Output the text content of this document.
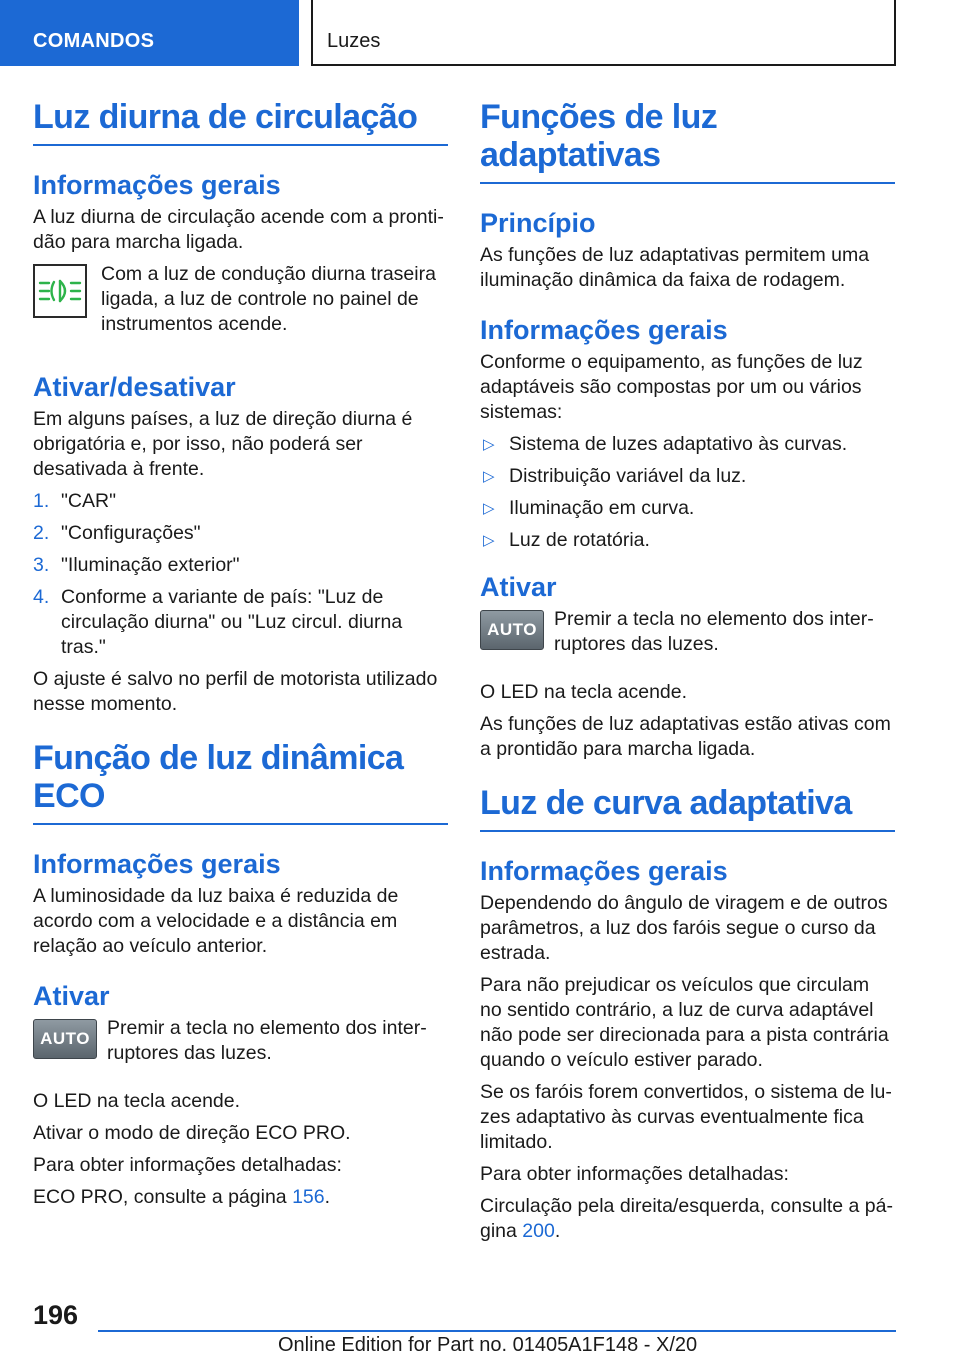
COMANDOS	Luzes
Luz diurna de circulação
Informações gerais

A luz diurna de circulação acende com a prontidão para marcha ligada.

Com a luz de condução diurna traseira ligada, a luz de controle no painel de instrumentos acende.

Ativar/desativar

Em alguns países, a luz de direção diurna é obrigatória e, por isso, não poderá ser desativada à frente.

1. "CAR"
2. "Configurações"
3. "Iluminação exterior"
4. Conforme a variante de país: "Luz de circulação diurna" ou "Luz circul. diurna tras."

O ajuste é salvo no perfil de motorista utilizado nesse momento.

Função de luz dinâmica ECO
Informações gerais

A luminosidade da luz baixa é reduzida de acordo com a velocidade e a distância em relação ao veículo anterior.

Ativar
AUTO Premir a tecla no elemento dos interruptores das luzes.

O LED na tecla acende.

Ativar o modo de direção ECO PRO.

Para obter informações detalhadas:

ECO PRO, consulte a página 156.

Funções de luz adaptativas
Princípio

As funções de luz adaptativas permitem uma iluminação dinâmica da faixa de rodagem.

Informações gerais

Conforme o equipamento, as funções de luz adaptáveis são compostas por um ou vários sistemas:

▷ Sistema de luzes adaptativo às curvas.
▷ Distribuição variável da luz.
▷ Iluminação em curva.
▷ Luz de rotatória.
Ativar
AUTO Premir a tecla no elemento dos interruptores das luzes.

O LED na tecla acende.

As funções de luz adaptativas estão ativas com a prontidão para marcha ligada.

Luz de curva adaptativa
Informações gerais

Dependendo do ângulo de viragem e de outros parâmetros, a luz dos faróis segue o curso da estrada.

Para não prejudicar os veículos que circulam no sentido contrário, a luz de curva adaptável não pode ser direcionada para a pista contrária quando o veículo estiver parado.

Se os faróis forem convertidos, o sistema de luzes adaptativo às curvas eventualmente fica limitado.

Para obter informações detalhadas:

Circulação pela direita/esquerda, consulte a página 200.

196
Online Edition for Part no. 01405A1F148 - X/20
